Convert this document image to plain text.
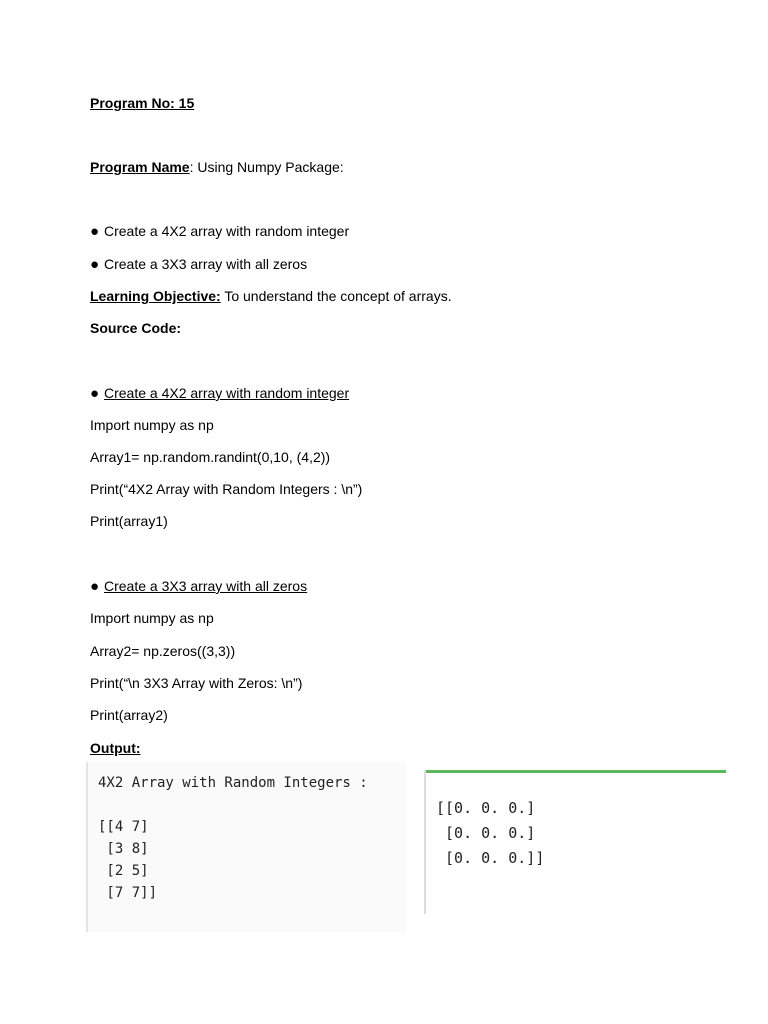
Program No: 15
Program Name: Using Numpy Package:
● Create a 4X2 array with random integer
● Create a 3X3 array with all zeros
Learning Objective: To understand the concept of arrays.
Source Code:
● Create a 4X2 array with random integer
Import numpy as np
Array1= np.random.randint(0,10, (4,2))
Print(“4X2 Array with Random Integers : \n”)
Print(array1)
● Create a 3X3 array with all zeros
Import numpy as np
Array2= np.zeros((3,3))
Print(“\n 3X3 Array with Zeros: \n”)
Print(array2)
Output:
4X2 Array with Random Integers :

[[4 7]
[3 8]
[2 5]
[7 7]]
[[0. 0. 0.]
[0. 0. 0.]
[0. 0. 0.]]
